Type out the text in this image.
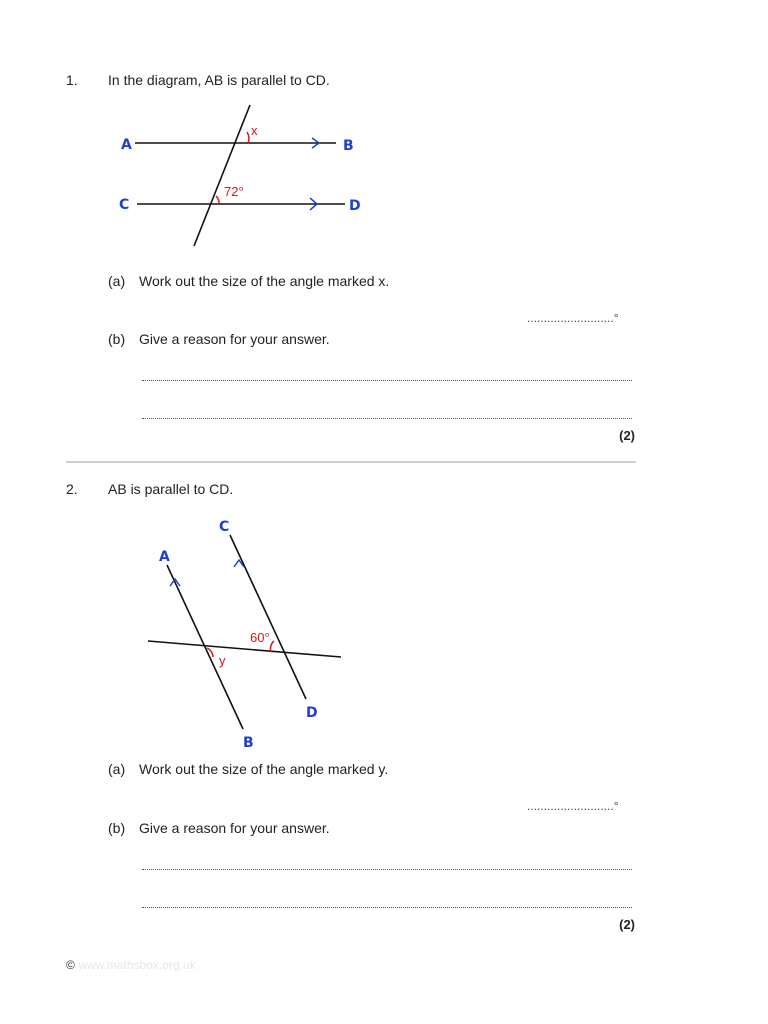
1. In the diagram, AB is parallel to CD.
A	B
C	D
x
72°
(a) Work out the size of the angle marked x.
..........................°
(b) Give a reason for your answer.
(2)
2. AB is parallel to CD.
A
B
C
D
60°
y
(a) Work out the size of the angle marked y.
..........................°
(b) Give a reason for your answer.
(2)
© www.mathsbox.org.uk
